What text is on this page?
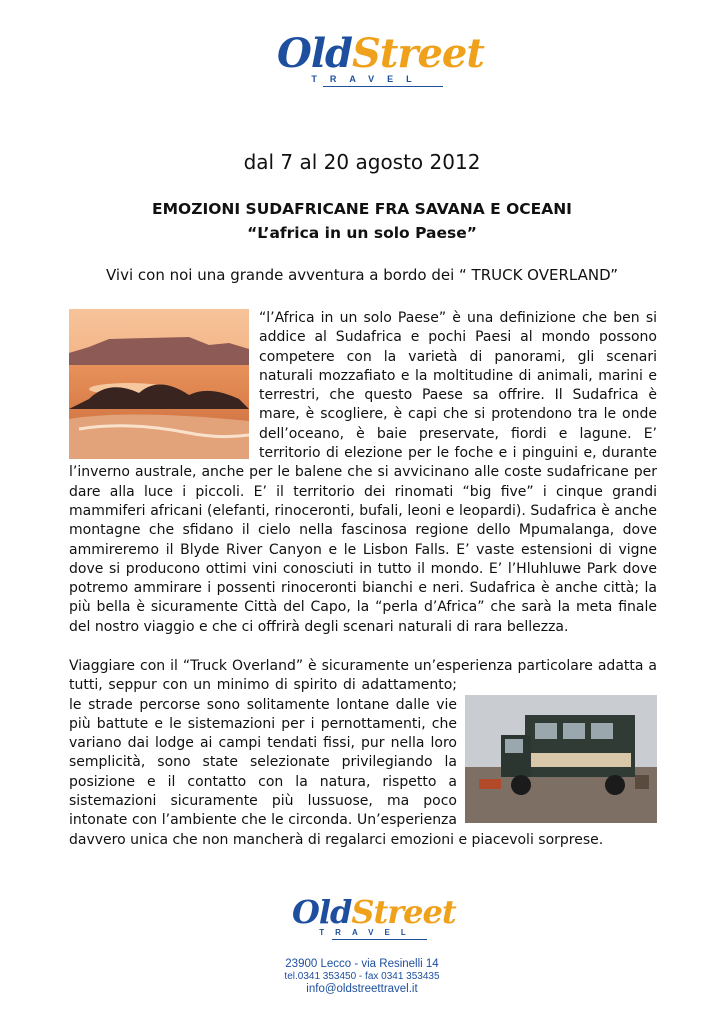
OldStreet
TRAVEL
dal 7 al 20 agosto 2012
EMOZIONI SUDAFRICANE FRA SAVANA E OCEANI
“L’africa in un solo Paese”

Vivi con noi una grande avventura a bordo dei “ TRUCK OVERLAND”

“l’Africa in un solo Paese” è una definizione che ben si addice al Sudafrica e pochi Paesi al mondo possono competere con la varietà di panorami, gli scenari naturali mozzafiato e la moltitudine di animali, marini e terrestri, che questo Paese sa offrire. Il Sudafrica è mare, è scogliere, è capi che si protendono tra le onde dell’oceano, è baie preservate, fiordi e lagune. E’ territorio di elezione per le foche e i pinguini e, durante l’inverno australe, anche per le balene che si avvicinano alle coste sudafricane per dare alla luce i piccoli. E’ il territorio dei rinomati “big five” i cinque grandi mammiferi africani (elefanti, rinoceronti, bufali, leoni e leopardi). Sudafrica è anche montagne che sfidano il cielo nella fascinosa regione dello Mpumalanga, dove ammireremo il Blyde River Canyon e le Lisbon Falls. E’ vaste estensioni di vigne dove si producono ottimi vini conosciuti in tutto il mondo. E’ l’Hluhluwe Park dove potremo ammirare i possenti rinoceronti bianchi e neri. Sudafrica è anche città; la più bella è sicuramente Città del Capo, la “perla d’Africa” che sarà la meta finale del nostro viaggio e che ci offrirà degli scenari naturali di rara bellezza.
Viaggiare con il “Truck Overland” è sicuramente un’esperienza particolare adatta a tutti, seppur con un minimo di spirito di adattamento; le strade percorse sono solitamente lontane dalle vie più battute e le sistemazioni per i pernottamenti, che variano dai lodge ai campi tendati fissi, pur nella loro semplicità, sono state selezionate privilegiando la posizione e il contatto con la natura, rispetto a sistemazioni sicuramente più lussuose, ma poco intonate con l’ambiente che le circonda. Un’esperienza davvero unica che non mancherà di regalarci emozioni e piacevoli sorprese.
OldStreet
TRAVEL
23900 Lecco - via Resinelli 14
tel.0341 353450 - fax 0341 353435
info@oldstreettravel.it
